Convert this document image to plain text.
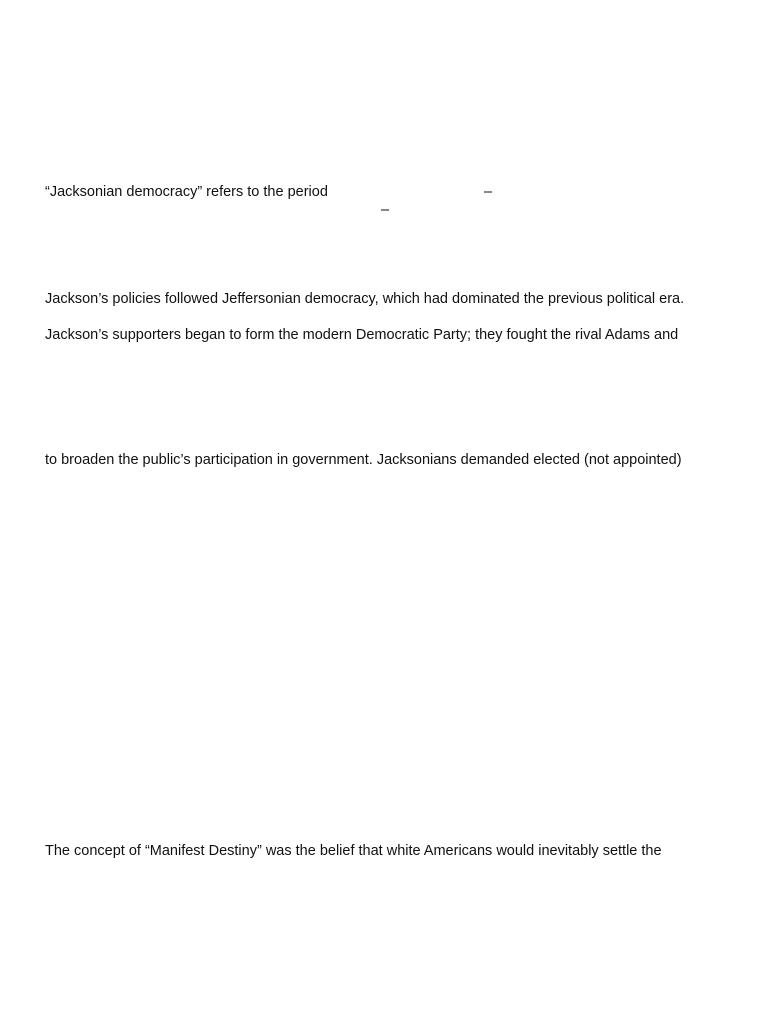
“Jacksonian democracy” refers to the period	–
–
Jackson’s policies followed Jeffersonian democracy, which had dominated the previous political era.
Jackson’s supporters began to form the modern Democratic Party; they fought the rival Adams and
to broaden the public’s participation in government. Jacksonians demanded elected (not appointed)
The concept of “Manifest Destiny” was the belief that white Americans would inevitably settle the
